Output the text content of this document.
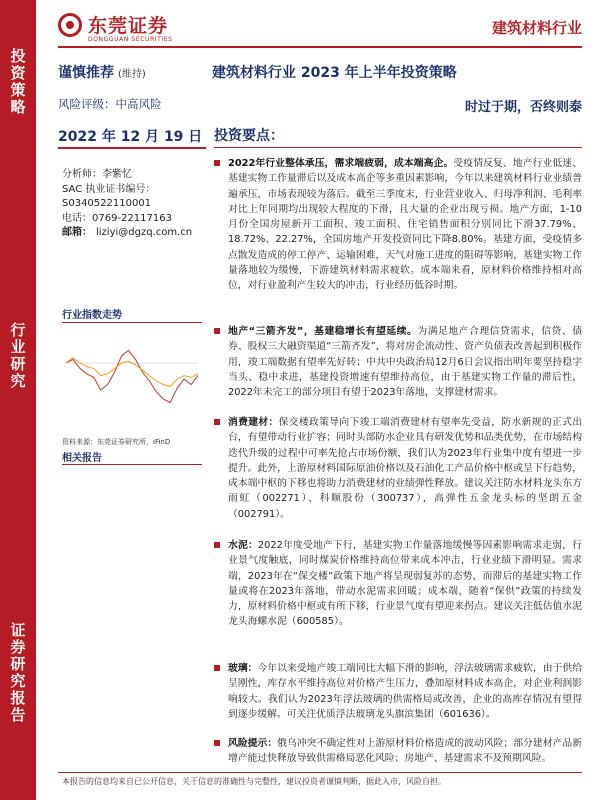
投资策略
行业研究
证券研究报告
东莞证券
DONGGUAN SECURITIES
建筑材料行业
谨慎推荐 (维持)
风险评级：中高风险
2022 年 12 月 19 日
分析师：李紫忆
SAC 执业证书编号：
S0340522110001
电话：0769-22117163
邮箱： liziyi@dgzq.com.cn
行业指数走势
资料来源：东莞证券研究所，iFinD
相关报告
建筑材料行业 2023 年上半年投资策略
时过于期，否终则泰
投资要点：

2022年行业整体承压，需求端疲弱，成本端高企。受疫情反复、地产行业低迷、基建实物工作量滞后以及成本高企等多重因素影响，今年以来建筑材料行业业绩普遍承压，市场表现较为落后。截至三季度末，行业营业收入、归母净利润、毛利率对比上年同期均出现较大程度的下滑，且大量的企业出现亏损。地产方面，1-10月份全国房屋新开工面积、竣工面积、住宅销售面积分别同比下滑37.79%、18.72%、22.27%，全国房地产开发投资同比下降8.80%。基建方面，受疫情多点散发造成的停工停产、运输困难，天气对施工进度的阻碍等影响，基建实物工作量落地较为缓慢，下游建筑材料需求疲软。成本端来看，原材料价格维持相对高位，对行业盈利产生较大的冲击，行业经历低谷时期。

地产“三箭齐发”，基建稳增长有望延续。为满足地产合理信贷需求，信贷、债券、股权三大融资渠道“三箭齐发”，将对房企流动性、资产负债表改善起到积极作用，竣工端数据有望率先好转；中共中央政治局12月6日会议指出明年要坚持稳字当头、稳中求进，基建投资增速有望维持高位，由于基建实物工作量的滞后性，2022年未完工的部分项目有望于2023年落地，支撑建材需求。

消费建材：保交楼政策导向下竣工端消费建材有望率先受益，防水新规的正式出台，有望带动行业扩容；同时头部防水企业具有研发优势和品类优势，在市场结构迭代升级的过程中可率先抢占市场份额，我们认为2023年行业集中度有望进一步提升。此外，上游原材料国际原油价格以及石油化工产品价格中枢或呈下行趋势，成本端中枢的下移也将助力消费建材的业绩弹性释放。建议关注防水材料龙头东方雨虹（002271）、科顺股份（300737），高弹性五金龙头标的坚朗五金（002791）。

水泥：2022年度受地产下行，基建实物工作量落地缓慢等因素影响需求走弱，行业景气度触底，同时煤炭价格维持高位带来成本冲击，行业业绩下滑明显。需求端，2023年在“保交楼”政策下地产将呈现弱复苏的态势，而滞后的基建实物工作量或将在2023年落地，带动水泥需求回暖；成本端，随着“保供”政策的持续发力，原材料价格中枢或有所下移，行业景气度有望迎来拐点。建议关注低估值水泥龙头海螺水泥（600585）。

玻璃：今年以来受地产竣工端同比大幅下滑的影响，浮法玻璃需求疲软，由于供给呈刚性，库存水平维持高位对价格产生压力，叠加原材料成本高企，对企业利润影响较大。我们认为2023年浮法玻璃的供需格局或改善，企业的高库存情况有望得到逐步缓解。可关注优质浮法玻璃龙头旗滨集团（601636）。

风险提示：俄乌冲突不确定性对上游原材料价格造成的波动风险；部分建材产品新增产能过快释放导致供需格局恶化风险；房地产、基建需求不及预期风险。

本报告的信息均来自已公开信息，关于信息的准确性与完整性，建议投资者谨慎判断，据此入市，风险自担。
